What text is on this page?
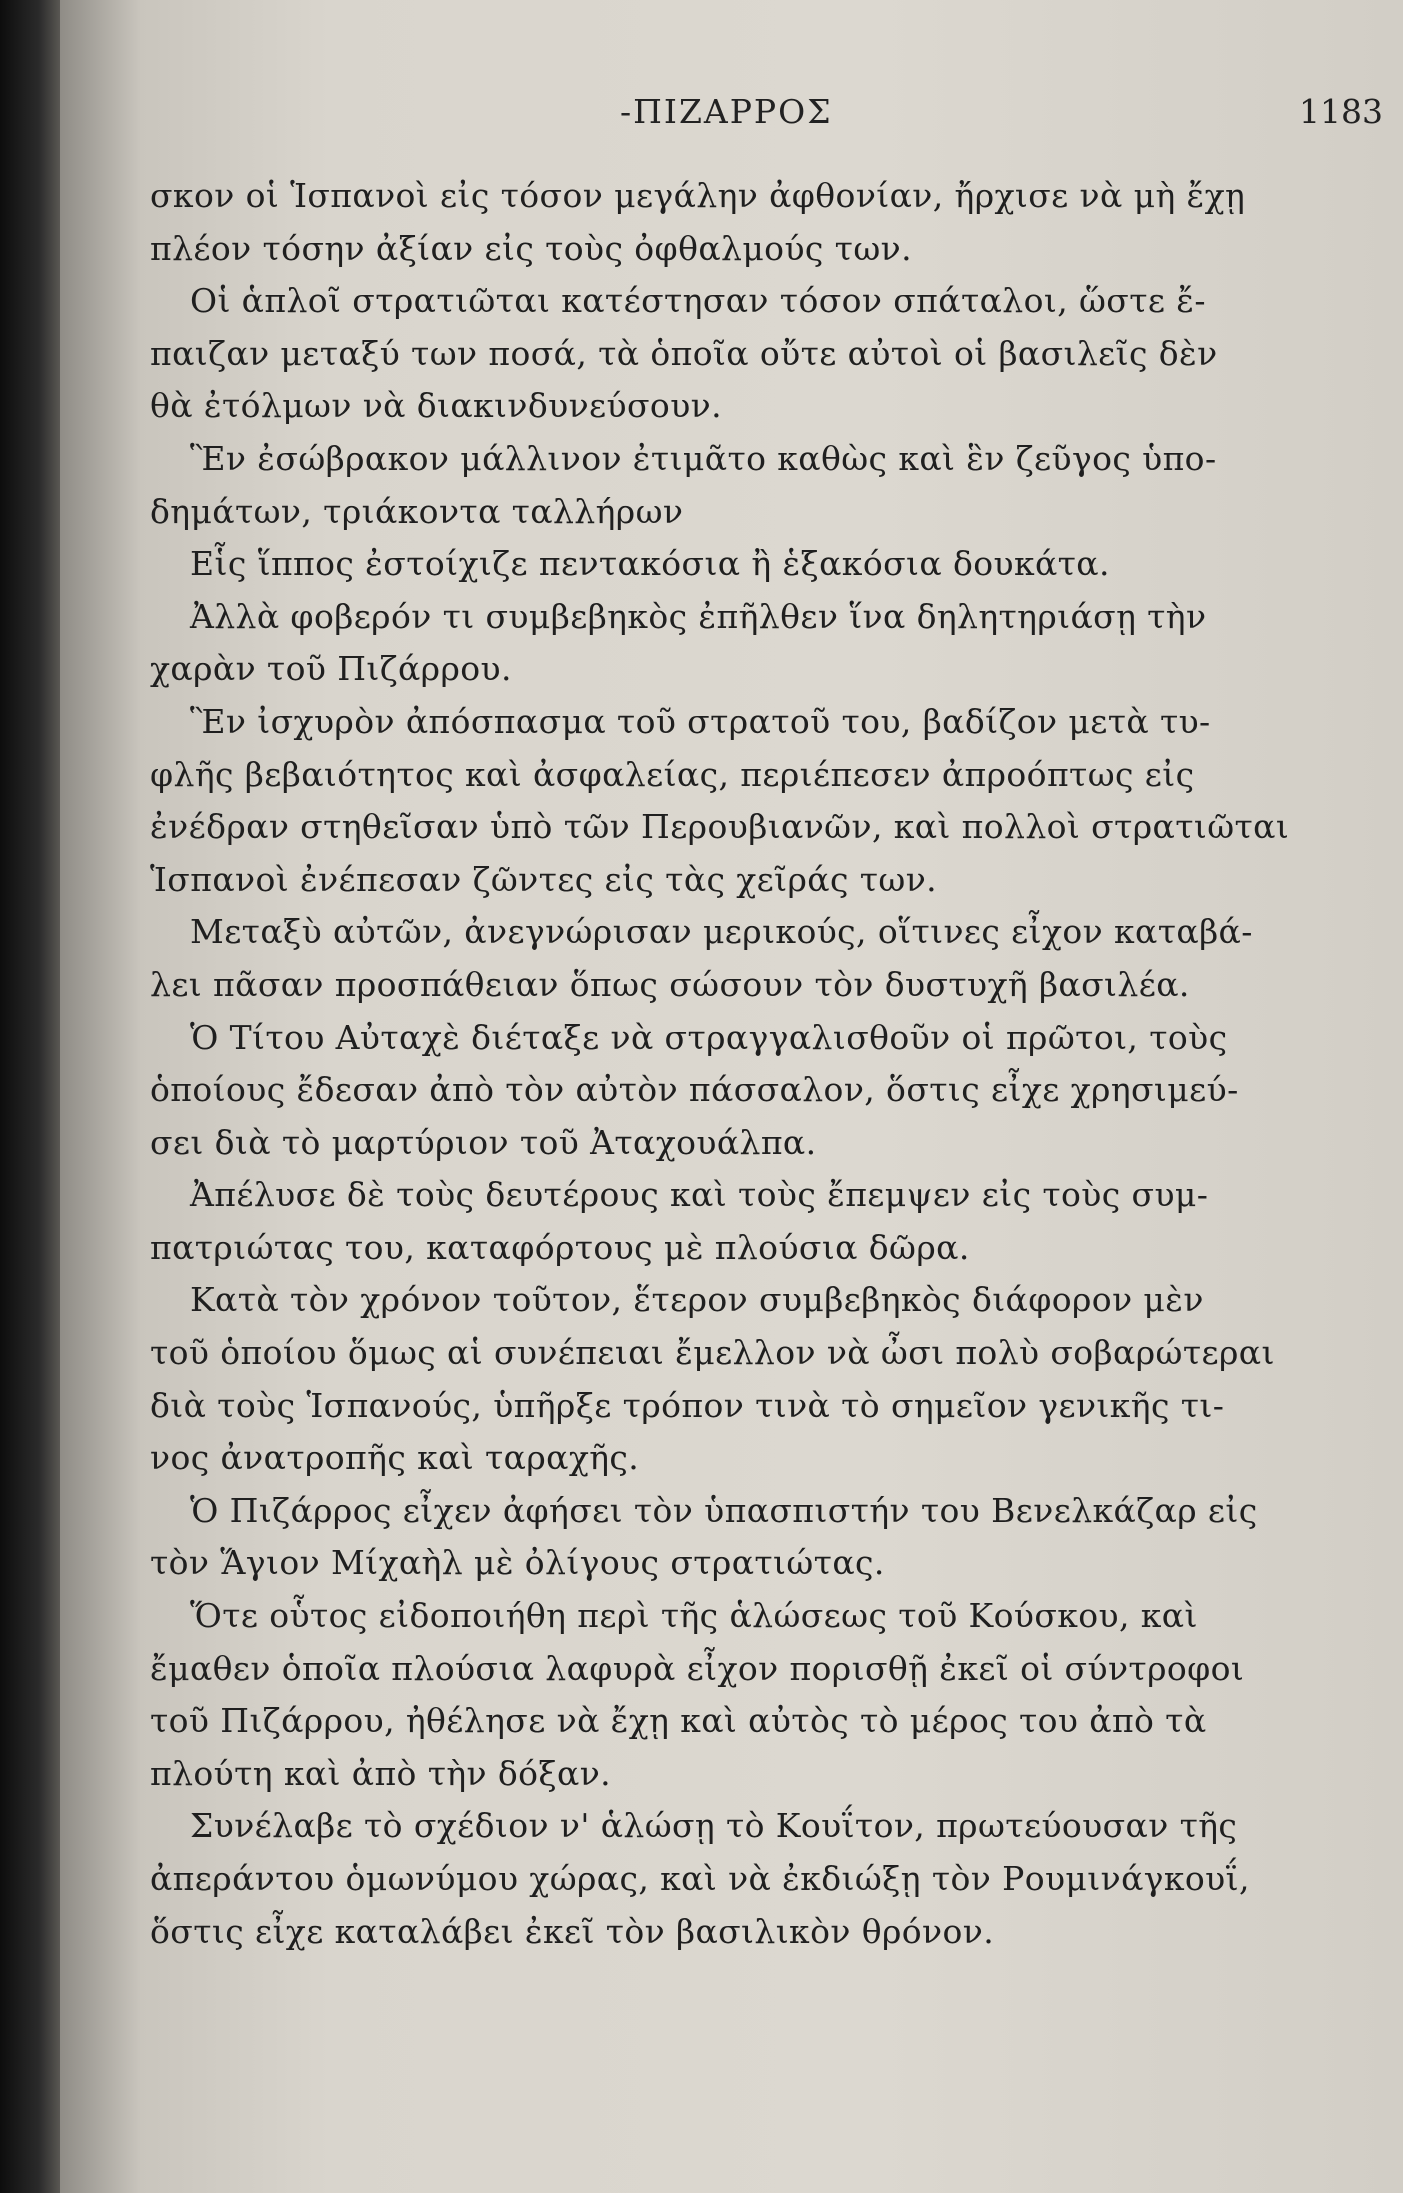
-ΠΙΖΑΡΡΟΣ	1183
σκον οἱ Ἱσπανοὶ εἰς τόσον μεγάλην ἀφθονίαν, ἤρχισε νὰ μὴ ἔχῃ
πλέον τόσην ἀξίαν εἰς τοὺς ὀφθαλμούς των.
Οἱ ἁπλοῖ στρατιῶται κατέστησαν τόσον σπάταλοι, ὥστε ἔ-
παιζαν μεταξύ των ποσά, τὰ ὁποῖα οὔτε αὐτοὶ οἱ βασιλεῖς δὲν
θὰ ἐτόλμων νὰ διακινδυνεύσουν.
Ἓν ἐσώβρακον μάλλινον ἐτιμᾶτο καθὼς καὶ ἓν ζεῦγος ὑπο-
δημάτων, τριάκοντα ταλλήρων
Εἷς ἵππος ἐστοίχιζε πεντακόσια ἢ ἑξακόσια δουκάτα.
Ἀλλὰ φοβερόν τι συμβεβηκὸς ἐπῆλθεν ἵνα δηλητηριάσῃ τὴν
χαρὰν τοῦ Πιζάρρου.
Ἓν ἰσχυρὸν ἀπόσπασμα τοῦ στρατοῦ του, βαδίζον μετὰ τυ-
φλῆς βεβαιότητος καὶ ἀσφαλείας, περιέπεσεν ἀπροόπτως εἰς
ἐνέδραν στηθεῖσαν ὑπὸ τῶν Περουβιανῶν, καὶ πολλοὶ στρατιῶται
Ἱσπανοὶ ἐνέπεσαν ζῶντες εἰς τὰς χεῖράς των.
Μεταξὺ αὐτῶν, ἀνεγνώρισαν μερικούς, οἵτινες εἶχον καταβά-
λει πᾶσαν προσπάθειαν ὅπως σώσουν τὸν δυστυχῆ βασιλέα.
Ὁ Τίτου Αὐταχὲ διέταξε νὰ στραγγαλισθοῦν οἱ πρῶτοι, τοὺς
ὁποίους ἔδεσαν ἀπὸ τὸν αὐτὸν πάσσαλον, ὅστις εἶχε χρησιμεύ-
σει διὰ τὸ μαρτύριον τοῦ Ἀταχουάλπα.
Ἀπέλυσε δὲ τοὺς δευτέρους καὶ τοὺς ἔπεμψεν εἰς τοὺς συμ-
πατριώτας του, καταφόρτους μὲ πλούσια δῶρα.
Κατὰ τὸν χρόνον τοῦτον, ἕτερον συμβεβηκὸς διάφορον μὲν
τοῦ ὁποίου ὅμως αἱ συνέπειαι ἔμελλον νὰ ὦσι πολὺ σοβαρώτεραι
διὰ τοὺς Ἱσπανούς, ὑπῆρξε τρόπον τινὰ τὸ σημεῖον γενικῆς τι-
νος ἀνατροπῆς καὶ ταραχῆς.
Ὁ Πιζάρρος εἶχεν ἀφήσει τὸν ὑπασπιστήν του Βενελκάζαρ εἰς
τὸν Ἅγιον Μίχαὴλ μὲ ὀλίγους στρατιώτας.
Ὅτε οὗτος εἰδοποιήθη περὶ τῆς ἁλώσεως τοῦ Κούσκου, καὶ
ἔμαθεν ὁποῖα πλούσια λαφυρὰ εἶχον πορισθῇ ἐκεῖ οἱ σύντροφοι
τοῦ Πιζάρρου, ἠθέλησε νὰ ἔχῃ καὶ αὐτὸς τὸ μέρος του ἀπὸ τὰ
πλούτη καὶ ἀπὸ τὴν δόξαν.
Συνέλαβε τὸ σχέδιον ν' ἁλώσῃ τὸ Κουΐτον, πρωτεύουσαν τῆς
ἀπεράντου ὁμωνύμου χώρας, καὶ νὰ ἐκδιώξῃ τὸν Ρουμινάγκουΐ,
ὅστις εἶχε καταλάβει ἐκεῖ τὸν βασιλικὸν θρόνον.
